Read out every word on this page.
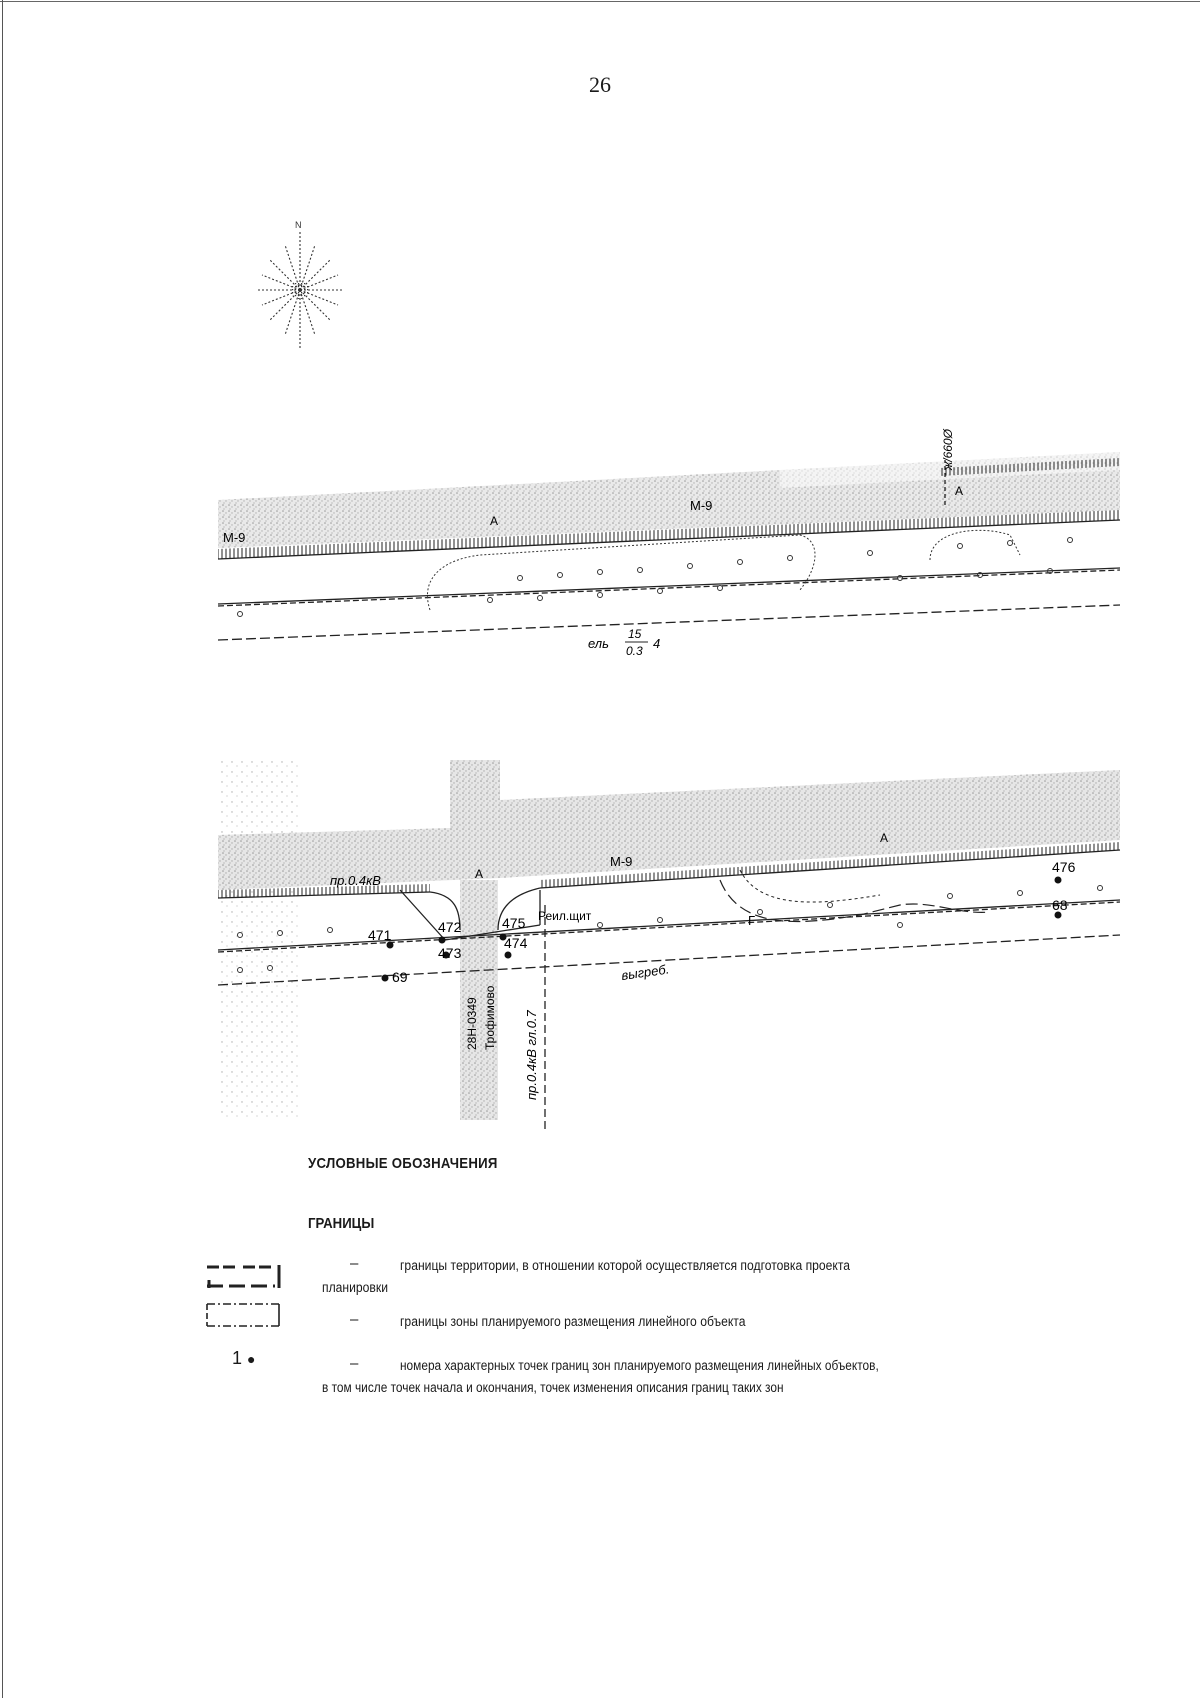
26
N
М-9
М-9
А
А
ж/660Ø
ель
15
0.3 4
пр.0.4кВ
М-9
А
А
Реил.щит
выгреб.
28Н-0349 Трофимово пр.0.4кВ гл.0.7
Г
471	472
473
474
475
69
476
68
УСЛОВНЫЕ ОБОЗНАЧЕНИЯ
ГРАНИЦЫ
–	границы территории, в отношении которой осуществляется подготовка проекта
планировки
–	границы зоны планируемого размещения линейного объекта
1 ●	–	номера характерных точек границ зон планируемого размещения линейных объектов,
в том числе точек начала и окончания, точек изменения описания границ таких зон
